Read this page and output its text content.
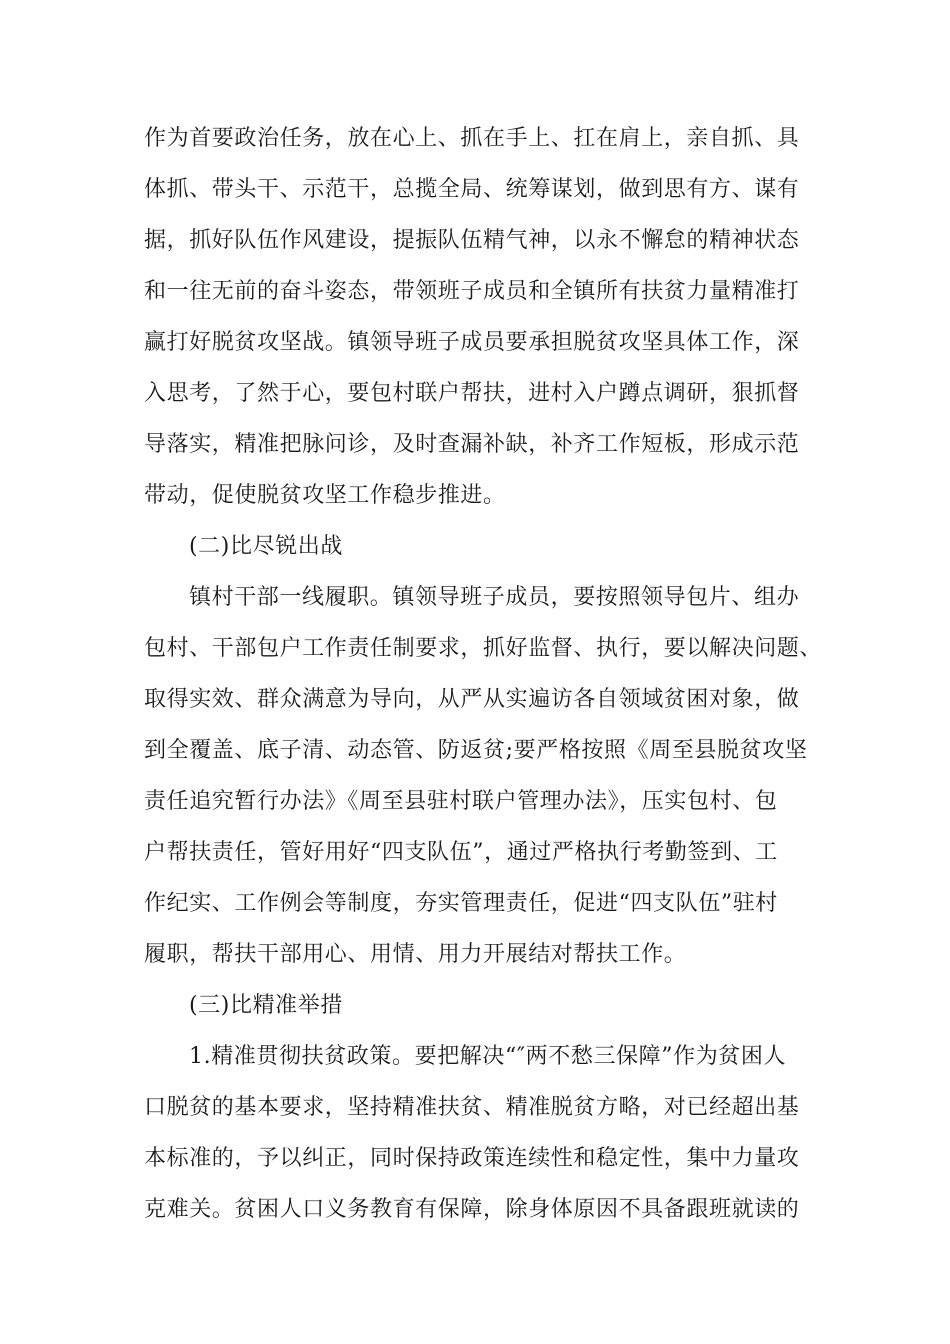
作为首要政治任务，放在心上、抓在手上、扛在肩上，亲自抓、具
体抓、带头干、示范干，总揽全局、统筹谋划，做到思有方、谋有
据，抓好队伍作风建设，提振队伍精气神，以永不懈怠的精神状态
和一往无前的奋斗姿态，带领班子成员和全镇所有扶贫力量精准打
赢打好脱贫攻坚战。镇领导班子成员要承担脱贫攻坚具体工作，深
入思考，了然于心，要包村联户帮扶，进村入户蹲点调研，狠抓督
导落实，精准把脉问诊，及时查漏补缺，补齐工作短板，形成示范
带动，促使脱贫攻坚工作稳步推进。
(二)比尽锐出战
镇村干部一线履职。镇领导班子成员，要按照领导包片、组办
包村、干部包户工作责任制要求，抓好监督、执行，要以解决问题、
取得实效、群众满意为导向，从严从实遍访各自领域贫困对象，做
到全覆盖、底子清、动态管、防返贫;要严格按照《周至县脱贫攻坚
责任追究暂行办法》《周至县驻村联户管理办法》，压实包村、包
户帮扶责任，管好用好“四支队伍”，通过严格执行考勤签到、工
作纪实、工作例会等制度，夯实管理责任，促进“四支队伍”驻村
履职，帮扶干部用心、用情、用力开展结对帮扶工作。
(三)比精准举措
1.精准贯彻扶贫政策。要把解决“″两不愁三保障”作为贫困人
口脱贫的基本要求，坚持精准扶贫、精准脱贫方略，对已经超出基
本标准的，予以纠正，同时保持政策连续性和稳定性，集中力量攻
克难关。贫困人口义务教育有保障，除身体原因不具备跟班就读的
